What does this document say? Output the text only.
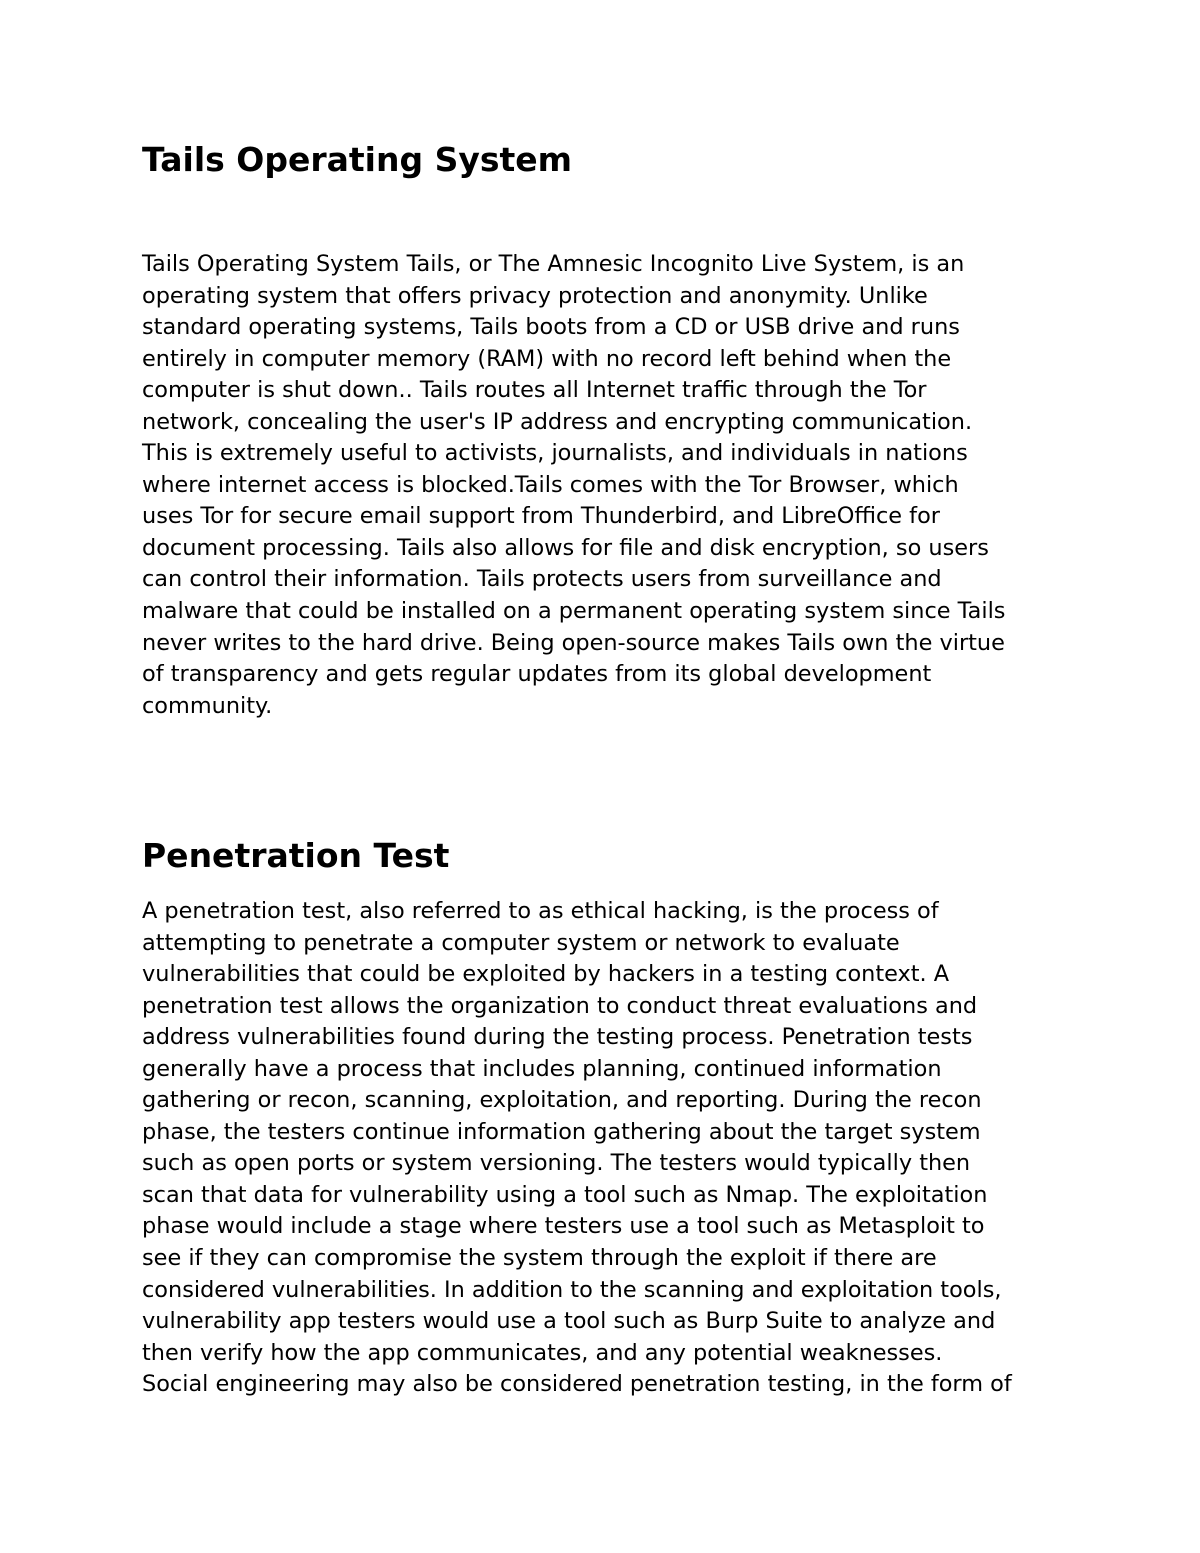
Tails Operating System
Tails Operating System Tails, or The Amnesic Incognito Live System, is an
operating system that offers privacy protection and anonymity. Unlike
standard operating systems, Tails boots from a CD or USB drive and runs
entirely in computer memory (RAM) with no record left behind when the
computer is shut down.. Tails routes all Internet traffic through the Tor
network, concealing the user's IP address and encrypting communication.
This is extremely useful to activists, journalists, and individuals in nations
where internet access is blocked.Tails comes with the Tor Browser, which
uses Tor for secure email support from Thunderbird, and LibreOffice for
document processing. Tails also allows for file and disk encryption, so users
can control their information. Tails protects users from surveillance and
malware that could be installed on a permanent operating system since Tails
never writes to the hard drive. Being open-source makes Tails own the virtue
of transparency and gets regular updates from its global development
community.
Penetration Test
A penetration test, also referred to as ethical hacking, is the process of
attempting to penetrate a computer system or network to evaluate
vulnerabilities that could be exploited by hackers in a testing context. A
penetration test allows the organization to conduct threat evaluations and
address vulnerabilities found during the testing process. Penetration tests
generally have a process that includes planning, continued information
gathering or recon, scanning, exploitation, and reporting. During the recon
phase, the testers continue information gathering about the target system
such as open ports or system versioning. The testers would typically then
scan that data for vulnerability using a tool such as Nmap. The exploitation
phase would include a stage where testers use a tool such as Metasploit to
see if they can compromise the system through the exploit if there are
considered vulnerabilities. In addition to the scanning and exploitation tools,
vulnerability app testers would use a tool such as Burp Suite to analyze and
then verify how the app communicates, and any potential weaknesses.
Social engineering may also be considered penetration testing, in the form of
